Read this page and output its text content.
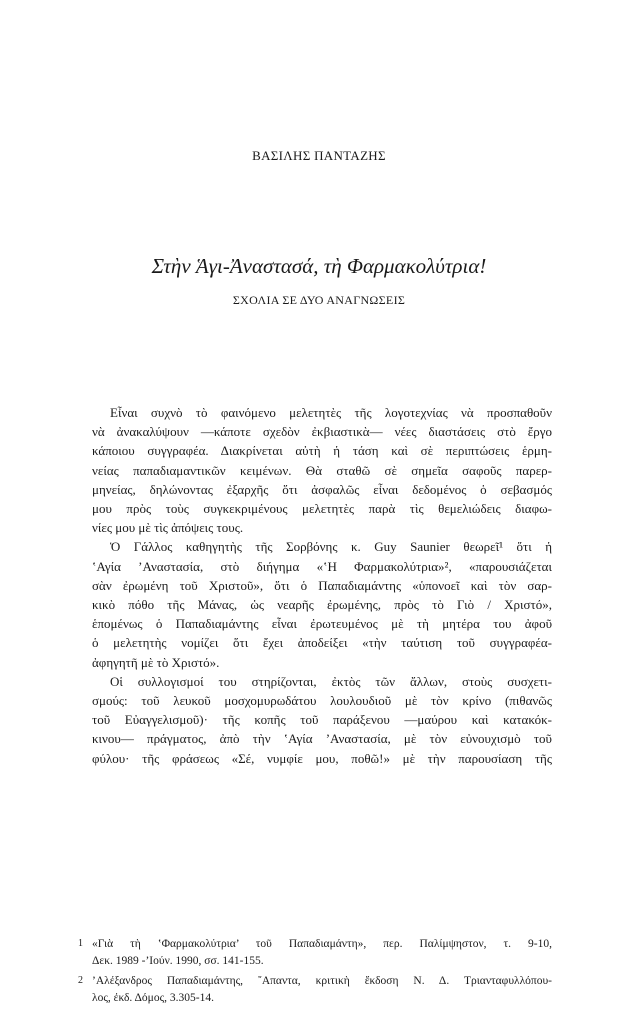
ΒΑΣΙΛΗΣ ΠΑΝΤΑΖΗΣ
Στὴν Ἁγι-Ἀναστασά, τὴ Φαρμακολύτρια!
ΣΧΟΛΙΑ ΣΕ ΔΥΟ ΑΝΑΓΝΩΣΕΙΣ
Εἶναι συχνὸ τὸ φαινόμενο μελετητὲς τῆς λογοτεχνίας νὰ προσπαθοῦν
νὰ ἀνακαλύψουν —κάποτε σχεδὸν ἐκβιαστικὰ— νέες διαστάσεις στὸ ἔργο
κάποιου συγγραφέα. Διακρίνεται αὐτὴ ἡ τάση καὶ σὲ περιπτώσεις ἑρμη-
νείας παπαδιαμαντικῶν κειμένων. Θὰ σταθῶ σὲ σημεῖα σαφοῦς παρερ-
μηνείας, δηλώνοντας ἐξαρχῆς ὅτι ἀσφαλῶς εἶναι δεδομένος ὁ σεβασμός
μου πρὸς τοὺς συγκεκριμένους μελετητὲς παρὰ τὶς θεμελιώδεις διαφω-
νίες μου μὲ τὶς ἀπόψεις τους.
Ὁ Γάλλος καθηγητὴς τῆς Σορβόνης κ. Guy Saunier θεωρεῖ¹ ὅτι ἡ
‛Αγία ’Αναστασία, στὸ διήγημα «‛Η Φαρμακολύτρια»², «παρουσιάζεται
σὰν ἐρωμένη τοῦ Χριστοῦ», ὅτι ὁ Παπαδιαμάντης «ὑπονοεῖ καὶ τὸν σαρ-
κικὸ πόθο τῆς Μάνας, ὡς νεαρῆς ἐρωμένης, πρὸς τὸ Γιὸ / Χριστό»,
ἑπομένως ὁ Παπαδιαμάντης εἶναι ἐρωτευμένος μὲ τὴ μητέρα του ἀφοῦ
ὁ μελετητὴς νομίζει ὅτι ἔχει ἀποδείξει «τὴν ταύτιση τοῦ συγγραφέα-
ἀφηγητῆ μὲ τὸ Χριστό».
Οἱ συλλογισμοί του στηρίζονται, ἐκτὸς τῶν ἄλλων, στοὺς συσχετι-
σμούς: τοῦ λευκοῦ μοσχομυρωδάτου λουλουδιοῦ μὲ τὸν κρίνο (πιθανῶς
τοῦ Εὐαγγελισμοῦ)· τῆς κοπῆς τοῦ παράξενου —μαύρου καὶ κατακόκ-
κινου— πράγματος, ἀπὸ τὴν ‛Αγία ’Αναστασία, μὲ τὸν εὐνουχισμὸ τοῦ
φύλου· τῆς φράσεως «Σέ, νυμφίε μου, ποθῶ!» μὲ τὴν παρουσίαση τῆς
1 «Γιὰ τὴ ‛Φαρμακολύτρια’ τοῦ Παπαδιαμάντη», περ. Παλίμψηστον, τ. 9-10,
Δεκ. 1989 -’Ιούν. 1990, σσ. 141-155.
2 ’Αλέξανδρος Παπαδιαμάντης, ῎Απαντα, κριτικὴ ἔκδοση Ν. Δ. Τριανταφυλλόπου-
λος, ἐκδ. Δόμος, 3.305-14.
